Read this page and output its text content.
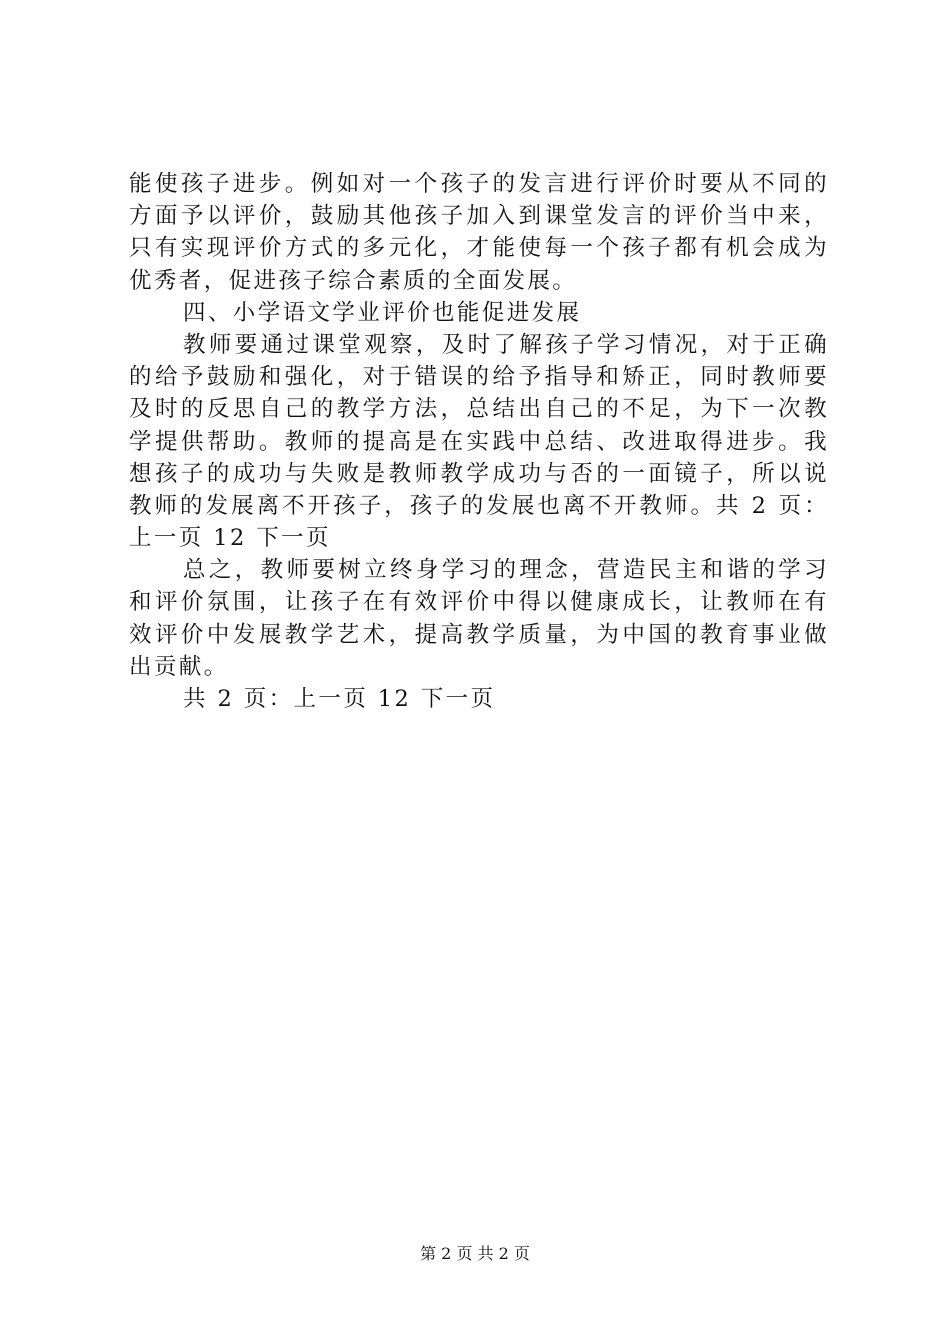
能使孩子进步。例如对一个孩子的发言进行评价时要从不同的
方面予以评价，鼓励其他孩子加入到课堂发言的评价当中来，
只有实现评价方式的多元化，才能使每一个孩子都有机会成为
优秀者，促进孩子综合素质的全面发展。
四、小学语文学业评价也能促进发展
教师要通过课堂观察，及时了解孩子学习情况，对于正确
的给予鼓励和强化，对于错误的给予指导和矫正，同时教师要
及时的反思自己的教学方法，总结出自己的不足，为下一次教
学提供帮助。教师的提高是在实践中总结、改进取得进步。我
想孩子的成功与失败是教师教学成功与否的一面镜子，所以说
教师的发展离不开孩子，孩子的发展也离不开教师。共 2 页：
上一页 12 下一页
总之，教师要树立终身学习的理念，营造民主和谐的学习
和评价氛围，让孩子在有效评价中得以健康成长，让教师在有
效评价中发展教学艺术，提高教学质量，为中国的教育事业做
出贡献。
共 2 页：上一页 12 下一页
第 2 页 共 2 页
